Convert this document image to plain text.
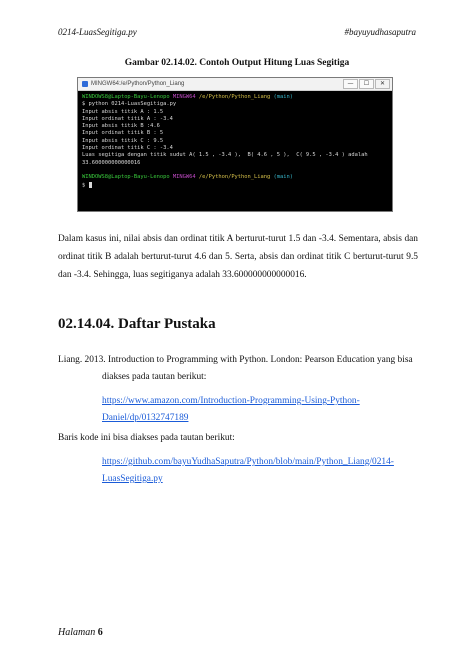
0214-LuasSegitiga.py	#bayuyudhasaputra
Gambar 02.14.02. Contoh Output Hitung Luas Segitiga
MINGW64:/e/Python/Python_Liang	—	☐	✕
WINDOWS8@Laptop-Bayu-Lenopo MINGW64 /e/Python/Python_Liang (main)
$ python 0214-LuasSegitiga.py
Input absis titik A : 1.5
Input ordinat titik A : -3.4
Input absis titik B :4.6
Input ordinat titik B : 5
Input absis titik C : 9.5
Input ordinat titik C : -3.4
Luas segitiga dengan titik sudut A( 1.5 , -3.4 ),  B( 4.6 , 5 ),  C( 9.5 , -3.4 ) adalah
33.600000000000016

WINDOWS8@Laptop-Bayu-Lenopo MINGW64 /e/Python/Python_Liang (main)
$
Dalam kasus ini, nilai absis dan ordinat titik A berturut-turut 1.5 dan -3.4. Sementara, absis dan ordinat titik B adalah berturut-turut 4.6 dan 5. Serta, absis dan ordinat titik C berturut-turut 9.5 dan -3.4. Sehingga, luas segitiganya adalah 33.600000000000016.
02.14.04. Daftar Pustaka
Liang. 2013. Introduction to Programming with Python. London: Pearson Education yang bisa
diakses pada tautan berikut:
https://www.amazon.com/Introduction-Programming-Using-Python-Daniel/dp/0132747189
Baris kode ini bisa diakses pada tautan berikut:
https://github.com/bayuYudhaSaputra/Python/blob/main/Python_Liang/0214-LuasSegitiga.py
Halaman 6
